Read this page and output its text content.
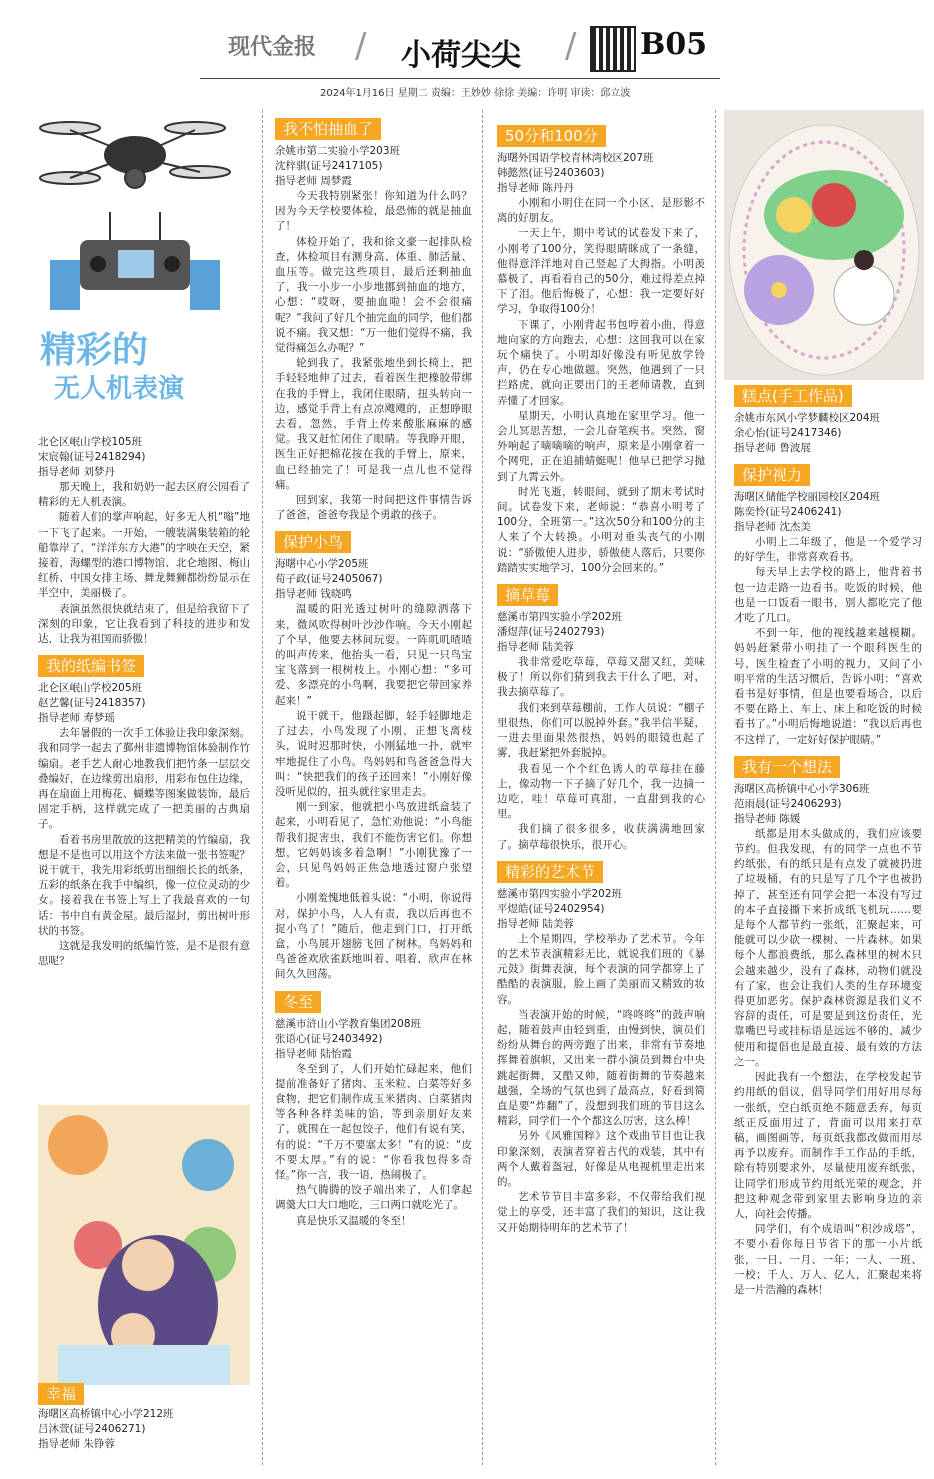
现代金报 / 小荷尖尖 / B05
2024年1月16日 星期二 责编：王妙妙 徐徐 美编：许明 审读：邱立波
精彩的
无人机表演

北仑区岷山学校105班

宋宸翰(证号2418294)

指导老师 刘梦丹

那天晚上，我和奶奶一起去区府公园看了精彩的无人机表演。

随着人们的掌声响起，好多无人机“嗡”地一下飞了起来。一开始，一艘装满集装箱的轮船靠岸了，“洋洋东方大港”的字映在天空，紧接着，海螺型的港口博物馆、北仑地图、梅山红桥、中国女排主场、舞龙舞狮都纷纷显示在半空中，美丽极了。

表演虽然很快就结束了，但是给我留下了深刻的印象，它让我看到了科技的进步和发达，让我为祖国而骄傲！

我的纸编书签

北仑区岷山学校205班

赵艺馨(证号2418357)

指导老师 寿梦瑶

去年暑假的一次手工体验让我印象深刻。我和同学一起去了鄞州非遗博物馆体验制作竹编扇。老手艺人耐心地教我们把竹条一层层交叠编好，在边缘剪出扇形，用彩布包住边缘，再在扇面上用梅花、蝴蝶等图案做装饰，最后固定手柄，这样就完成了一把美丽的古典扇子。

看着书房里散放的这把精美的竹编扇，我想是不是也可以用这个方法来做一张书签呢？说干就干，我先用彩纸剪出细细长长的纸条，五彩的纸条在我手中编织，像一位位灵动的少女。接着我在书签上写上了我最喜欢的一句话：书中自有黄金屋。最后湿封，剪出树叶形状的书签。

这就是我发明的纸编竹签，是不是很有意思呢？

幸福
海曙区高桥镇中心小学212班
吕沐萱(证号2406271)
指导老师 朱铮蓉
我不怕抽血了

余姚市第二实验小学203班

沈梓骐(证号2417105)

指导老师 周梦霞

今天我特别紧张！你知道为什么吗？因为今天学校要体检，最恐怖的就是抽血了！

体检开始了，我和徐文豪一起排队检查，体检项目有测身高、体重、肺活量、血压等。做完这些项目，最后还剩抽血了，我一小步一小步地挪到抽血的地方，心想：“哎呀，要抽血啦！会不会很痛呢？”我问了好几个抽完血的同学，他们都说不痛。我又想：“万一他们觉得不痛，我觉得痛怎么办呢？”

轮到我了，我紧张地坐到长椅上，把手轻轻地伸了过去，看着医生把橡胶带绑在我的手臂上，我闭住眼睛，扭头转向一边，感觉手背上有点凉飕飕的，正想睁眼去看，忽然，手背上传来酸胀麻麻的感觉。我又赶忙闭住了眼睛。等我睁开眼，医生正好把棉花按在我的手臂上，原来，血已经抽完了！可是我一点儿也不觉得痛。

回到家，我第一时间把这件事情告诉了爸爸，爸爸夸我是个勇敢的孩子。

保护小鸟

海曙中心小学205班

荀子政(证号2405067)

指导老师 钱晓鸣

温暖的阳光透过树叶的缝隙洒落下来，微风吹得树叶沙沙作响。今天小刚起了个早，他要去林间玩耍。一阵叽叽喳喳的叫声传来，他抬头一看，只见一只鸟宝宝飞落到一根树枝上。小刚心想：“多可爱、多漂亮的小鸟啊，我要把它带回家养起来！”

说干就干，他蹑起脚，轻手轻脚地走了过去，小鸟发现了小刚，正想飞离枝头，说时迟那时快，小刚猛地一扑，就牢牢地捉住了小鸟。鸟妈妈和鸟爸爸急得大叫：“快把我们的孩子还回来！”小刚好像没听见似的，扭头就往家里走去。

刚一到家，他就把小鸟放进纸盒装了起来，小明看见了，急忙劝他说：“小鸟能帮我们捉害虫，我们不能伤害它们。你想想，它妈妈该多着急啊！”小刚犹豫了一会，只见鸟妈妈正焦急地透过窗户张望着。

小刚羞愧地低着头说：“小明，你说得对，保护小鸟，人人有责，我以后再也不捉小鸟了！”随后，他走到门口，打开纸盒，小鸟展开翅膀飞回了树林。鸟妈妈和鸟爸爸欢欣雀跃地叫着、唱着，欣声在林间久久回荡。

冬至

慈溪市浒山小学教育集团208班

张语心(证号2403492)

指导老师 陆怡霞

冬至到了，人们开始忙碌起来，他们提前准备好了猪肉、玉米粒、白菜等好多食物，把它们制作成玉米猪肉、白菜猪肉等各种各样美味的馅，等到亲朋好友来了，就围在一起包饺子，他们有说有笑，有的说：“千万不要塞太多！”有的说：“皮不要太厚。”有的说：“你看我包得多奇怪。”你一言，我一语，热闹极了。

热气腾腾的饺子端出来了，人们拿起调羹大口大口地吃，三口两口就吃光了。

真是快乐又温暖的冬至！

50分和100分

海曙外国语学校青林湾校区207班

韩懿然(证号2403603)

指导老师 陈丹丹

小刚和小明住在同一个小区，是形影不离的好朋友。

一天上午，期中考试的试卷发下来了，小刚考了100分，笑得眼睛眯成了一条缝，他得意洋洋地对自己竖起了大拇指。小明羡慕极了，再看看自己的50分，难过得差点掉下了泪。他后悔极了，心想：我一定要好好学习，争取得100分！

下课了，小刚背起书包哼着小曲，得意地向家的方向跑去，心想：这回我可以在家玩个痛快了。小明却好像没有听见放学铃声，仍在专心地做题。突然，他遇到了一只拦路虎，就向正要出门的王老师请教，直到弄懂了才回家。

星期天，小明认真地在家里学习。他一会儿冥思苦想，一会儿奋笔疾书。突然，窗外响起了嘀嘀嘀的响声，原来是小刚拿着一个网兜，正在追捕蜻蜓呢！他早已把学习抛到了九霄云外。

时光飞逝，转眼间，就到了期末考试时间。试卷发下来，老师说：“恭喜小明考了100分，全班第一。”这次50分和100分的主人来了个大转换。小明对垂头丧气的小刚说：“骄傲使人进步，骄傲使人落后，只要你踏踏实实地学习，100分会回来的。”

摘草莓

慈溪市第四实验小学202班

潘煜萍(证号2402793)

指导老师 陆美蓉

我非常爱吃草莓，草莓又甜又红，美味极了！所以你们猜到我去干什么了吧，对，我去摘草莓了。

我们来到草莓棚前，工作人员说：“棚子里很热，你们可以脱掉外套。”我半信半疑，一进去里面果然很热，妈妈的眼镜也起了雾，我赶紧把外套脱掉。

我看见一个个红色诱人的草莓挂在藤上，像动物一下子摘了好几个，我一边摘一边吃，哇！草莓可真甜，一直甜到我的心里。

我们摘了很多很多，收获满满地回家了。摘草莓很快乐，很开心。

精彩的艺术节

慈溪市第四实验小学202班

平煜皓(证号2402954)

指导老师 陆美蓉

上个星期四，学校举办了艺术节。今年的艺术节表演精彩无比，就说我们班的《暴元鼓》街舞表演，每个表演的同学都穿上了酷酷的表演服，脸上画了美丽而又精致的妆容。

当表演开始的时候，“咚咚咚”的鼓声响起，随着鼓声由轻到重，由慢到快，演员们纷纷从舞台的两旁跑了出来，非常有节奏地挥舞着旗帜，又出来一群小演员到舞台中央跳起街舞，又酷又帅，随着街舞的节奏越来越强，全场的气氛也到了最高点，好看到简直是要“炸翻”了，没想到我们班的节目这么精彩，同学们一个个都这么厉害，这么棒！

另外《风雅国粹》这个戏曲节目也让我印象深刻，表演者穿着古代的戏装，其中有两个人戴着盔冠，好像是从电视机里走出来的。

艺术节节目丰富多彩，不仅带给我们视觉上的享受，还丰富了我们的知识，这让我又开始期待明年的艺术节了！

糕点(手工作品)

余姚市东风小学梦麟校区204班

余心怡(证号2417346)

指导老师 鲁波展

保护视力

海曙区储能学校丽园校区204班

陈奕怜(证号2406241)

指导老师 沈杰美

小明上二年级了，他是一个爱学习的好学生，非常喜欢看书。

每天早上去学校的路上，他背着书包一边走路一边看书。吃饭的时候，他也是一口饭看一眼书，别人都吃完了他才吃了几口。

不到一年，他的视线越来越模糊。妈妈赶紧带小明挂了一个眼科医生的号，医生检查了小明的视力，又问了小明平常的生活习惯后，告诉小明：“喜欢看书是好事情，但是也要看场合，以后不要在路上、车上、床上和吃饭的时候看书了。”小明后悔地说道：“我以后再也不这样了，一定好好保护眼睛。”

我有一个想法

海曙区高桥镇中心小学306班

范雨晨(证号2406293)

指导老师 陈媛

纸都是用木头做成的，我们应该要节约。但我发现，有的同学一点也不节约纸张，有的纸只是有点发了就被扔进了垃圾桶，有的只是写了几个字也被扔掉了，甚至还有同学会把一本没有写过的本子直接撕下来折成纸飞机玩……要是每个人都节约一张纸，汇聚起来，可能就可以少砍一棵树、一片森林。如果每个人都浪费纸，那么森林里的树木只会越来越少，没有了森林，动物们就没有了家，也会让我们人类的生存环境变得更加恶劣。保护森林资源是我们义不容辞的责任，可是要是到这份责任，光靠嘴巴号或挂标语是远远不够的，减少使用和提倡也是最直接、最有效的方法之一。

因此我有一个想法，在学校发起节约用纸的倡议，倡导同学们用好用尽每一张纸，空白纸页绝不随意丢弃，每页纸正反面用过了，背面可以用来打草稿，画图画等，每页纸我都改做而用尽再予以废弃。而制作手工作品的手纸，除有特别要求外，尽量使用废弃纸张，让同学们形成节约用纸光荣的观念，并把这种观念带到家里去影响身边的亲人，向社会传播。

同学们，有个成语叫“积沙成塔”，不要小看你每日节省下的那一小片纸张，一日、一月、一年；一人、一班、一校；千人、万人、亿人，汇聚起来将是一片浩瀚的森林！
